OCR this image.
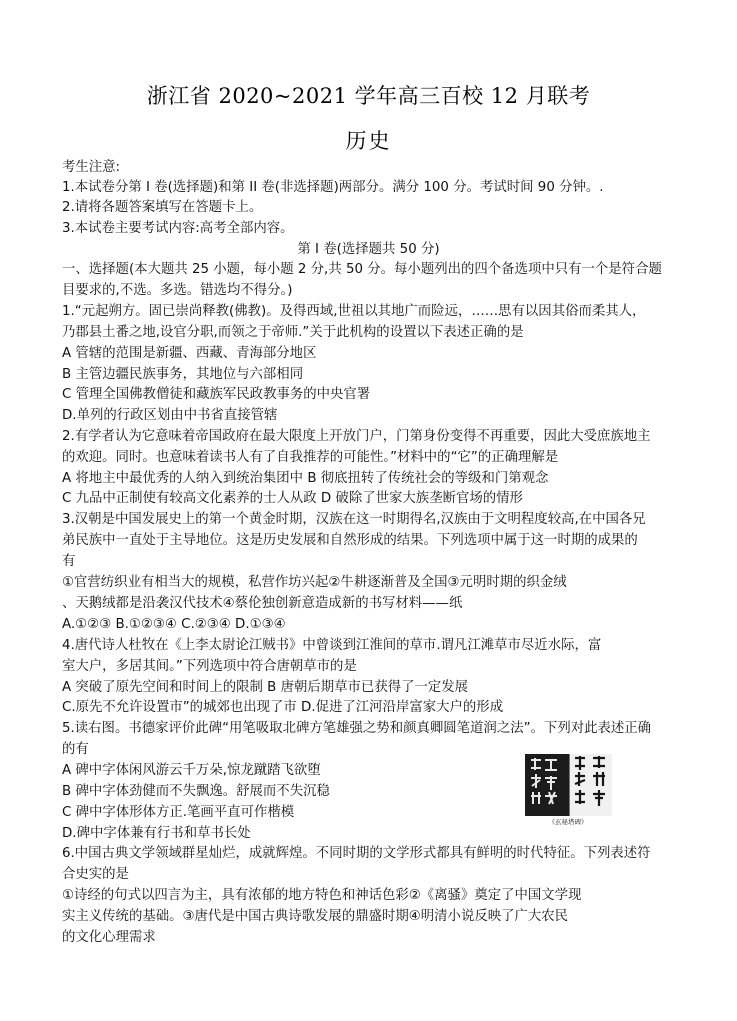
浙江省 2020~2021 学年高三百校 12 月联考
历史
考生注意:
1.本试卷分第 I 卷(选择题)和第 II 卷(非选择题)两部分。满分 100 分。考试时间 90 分钟。.
2.请将各题答案填写在答题卡上。
3.本试卷主要考试内容:高考全部内容。
第 I 卷(选择题共 50 分)
一、选择题(本大题共 25 小题，每小题 2 分,共 50 分。每小题列出的四个备选项中只有一个是符合题
目要求的,不选。多选。错选均不得分。)
1.“元起朔方。固已崇尚释教(佛教)。及得西域,世祖以其地广而险远，……思有以因其俗而柔其人，
乃郡县土番之地,设官分职,而领之于帝师.”关于此机构的设置以下表述正确的是
A 管辖的范围是新疆、西藏、青海部分地区
B 主管边疆民族事务，其地位与六部相同
C 管理全国佛教僧徒和藏族军民政教事务的中央官署
D.单列的行政区划由中书省直接管辖
2.有学者认为它意味着帝国政府在最大限度上开放门户，门第身份变得不再重要，因此大受庶族地主
的欢迎。同时。也意味着读书人有了自我推荐的可能性。”材料中的“它”的正确理解是
A 将地主中最优秀的人纳入到统治集团中 B 彻底扭转了传统社会的等级和门第观念
C 九品中正制使有较高文化素养的士人从政 D 破除了世家大族垄断官场的情形
3.汉朝是中国发展史上的第一个黄金时期，汉族在这一时期得名,汉族由于文明程度较高,在中国各兄
弟民族中一直处于主导地位。这是历史发展和自然形成的结果。下列选项中属于这一时期的成果的
有
①官营纺织业有相当大的规模，私营作坊兴起②牛耕逐渐普及全国③元明时期的织金绒
、天鹅绒都是沿袭汉代技术④蔡伦独创新意造成新的书写材料——纸
A.①②③ B.①②③④ C.②③④ D.①③④
4.唐代诗人杜牧在《上李太尉论江贼书》中曾谈到江淮间的草市.谓凡江滩草市尽近水际，富
室大户，多居其间。”下列选项中符合唐朝草市的是
A 突破了原先空间和时间上的限制 B 唐朝后期草市已获得了一定发展
C.原先不允许设置市”的城郊也出现了市 D.促进了江河沿岸富家大户的形成
5.读右图。书德家评价此碑“用笔吸取北碑方笔雄强之势和颜真卿圆笔道润之法”。下列对此表述正确
的有
A 碑中字体闲风游云千万朵,惊龙蹴踏飞欲堕
B 碑中字体劲健而不失飘逸。舒展而不失沉稳
C 碑中字体形体方正.笔画平直可作楷模
D.碑中字体兼有行书和草书长处
6.中国古典文学领域群星灿烂，成就辉煌。不同时期的文学形式都具有鲜明的时代特征。下列表述符
合史实的是
①诗经的句式以四言为主，具有浓郁的地方特色和神话色彩②《离骚》奠定了中国文学现
实主义传统的基础。③唐代是中国古典诗歌发展的鼎盛时期④明清小说反映了广大农民
的文化心理需求
《玄秘塔碑》
